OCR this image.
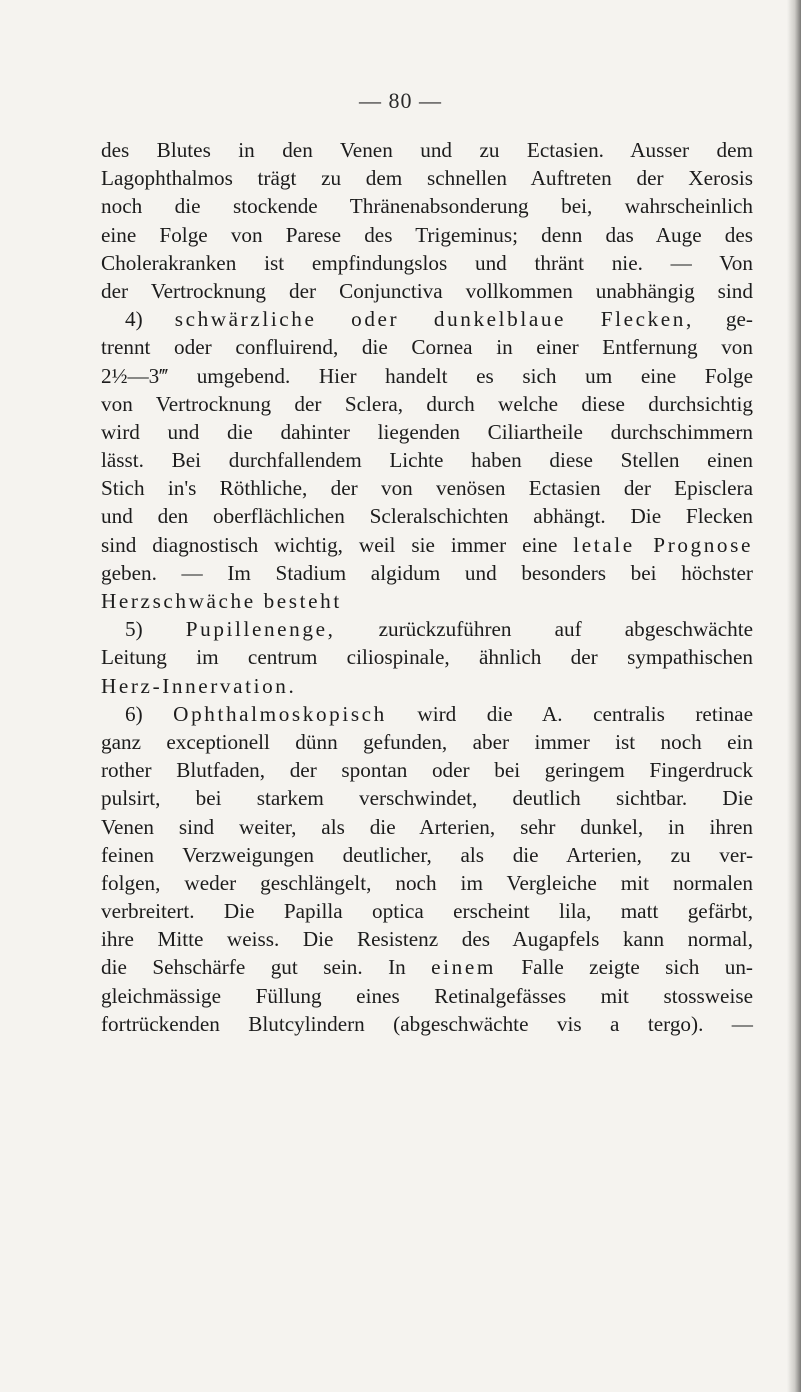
— 80 —
des Blutes in den Venen und zu Ectasien. Ausser dem
Lagophthalmos trägt zu dem schnellen Auftreten der Xerosis
noch die stockende Thränenabsonderung bei, wahrscheinlich
eine Folge von Parese des Trigeminus; denn das Auge des
Cholerakranken ist empfindungslos und thränt nie. — Von
der Vertrocknung der Conjunctiva vollkommen unabhängig sind
4) schwärzliche oder dunkelblaue Flecken, ge-
trennt oder confluirend, die Cornea in einer Entfernung von
2½—3‴ umgebend. Hier handelt es sich um eine Folge
von Vertrocknung der Sclera, durch welche diese durchsichtig
wird und die dahinter liegenden Ciliartheile durchschimmern
lässt. Bei durchfallendem Lichte haben diese Stellen einen
Stich in's Röthliche, der von venösen Ectasien der Episclera
und den oberflächlichen Scleralschichten abhängt. Die Flecken
sind diagnostisch wichtig, weil sie immer eine letale Prognose
geben. — Im Stadium algidum und besonders bei höchster
Herzschwäche besteht
5) Pupillenenge, zurückzuführen auf abgeschwächte
Leitung im centrum ciliospinale, ähnlich der sympathischen
Herz-Innervation.
6) Ophthalmoskopisch wird die A. centralis retinae
ganz exceptionell dünn gefunden, aber immer ist noch ein
rother Blutfaden, der spontan oder bei geringem Fingerdruck
pulsirt, bei starkem verschwindet, deutlich sichtbar. Die
Venen sind weiter, als die Arterien, sehr dunkel, in ihren
feinen Verzweigungen deutlicher, als die Arterien, zu ver-
folgen, weder geschlängelt, noch im Vergleiche mit normalen
verbreitert. Die Papilla optica erscheint lila, matt gefärbt,
ihre Mitte weiss. Die Resistenz des Augapfels kann normal,
die Sehschärfe gut sein. In einem Falle zeigte sich un-
gleichmässige Füllung eines Retinalgefässes mit stossweise
fortrückenden Blutcylindern (abgeschwächte vis a tergo). —
